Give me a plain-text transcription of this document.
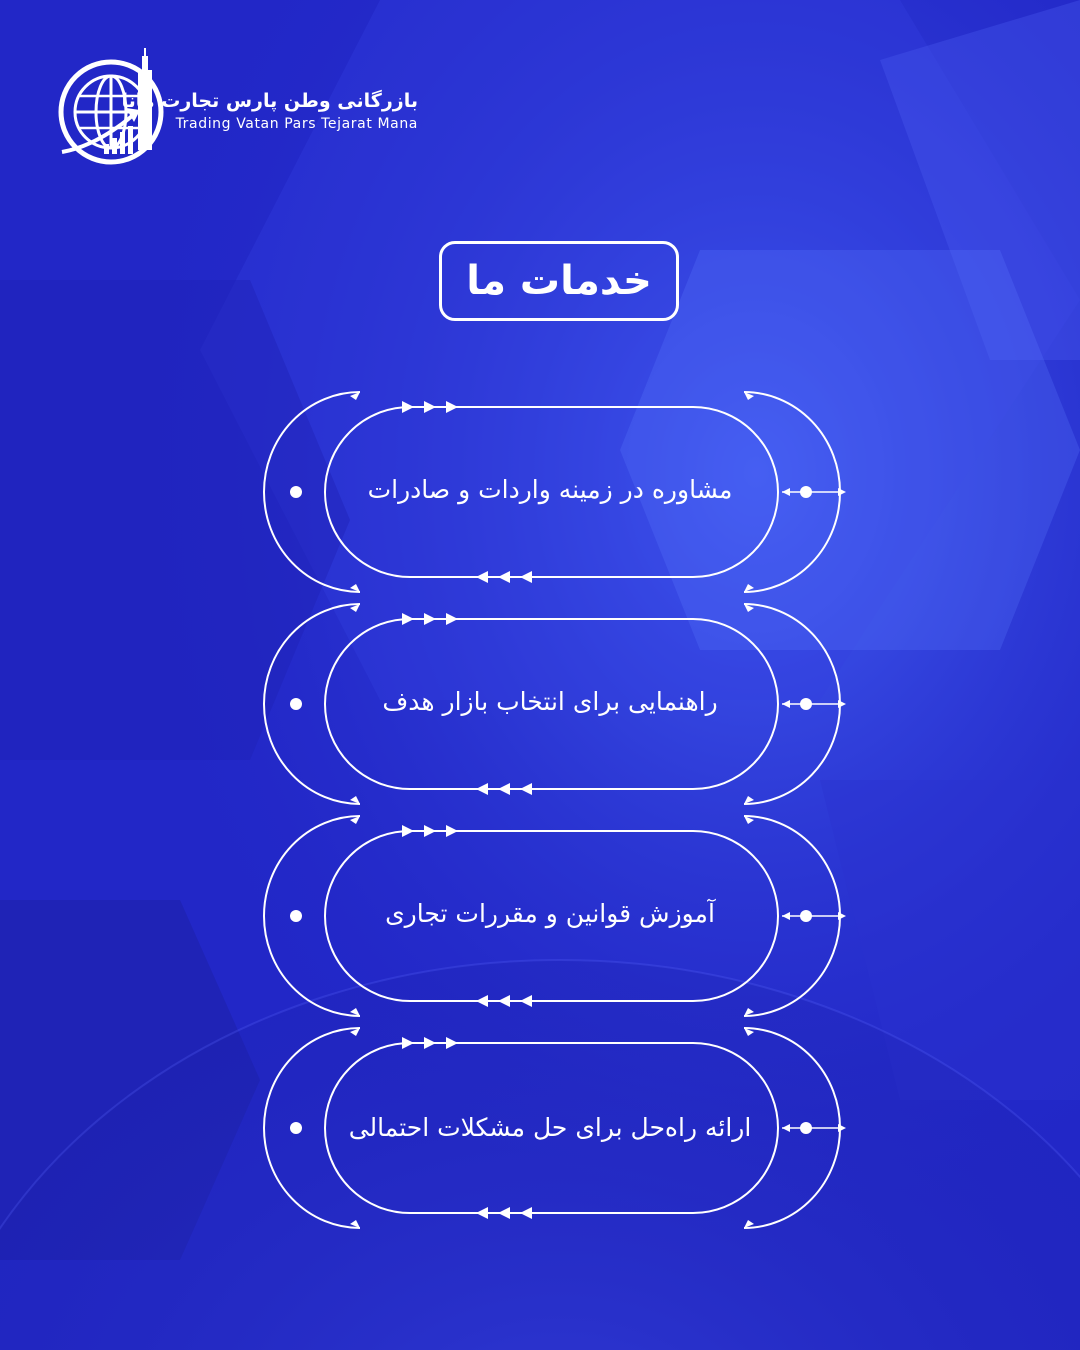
بازرگانی وطن پارس تجارت مانا
Trading Vatan Pars Tejarat Mana
خدمات ما
مشاوره در زمینه واردات و صادرات
راهنمایی برای انتخاب بازار هدف
آموزش قوانین و مقررات تجاری
ارائه راه‌حل برای حل مشکلات احتمالی
